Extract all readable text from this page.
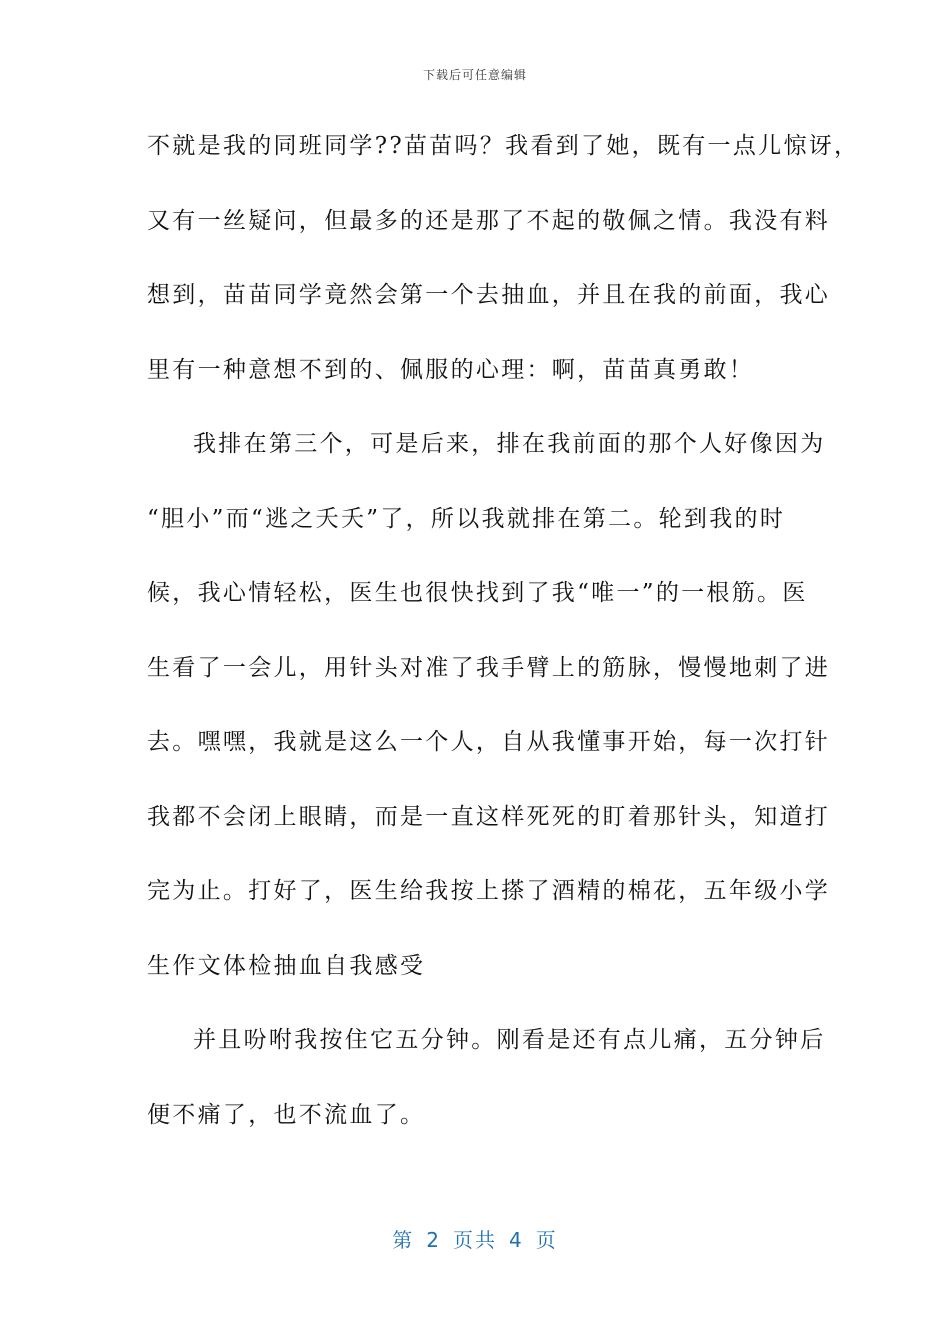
下载后可任意编辑
不就是我的同班同学??苗苗吗？我看到了她，既有一点儿惊讶，
又有一丝疑问，但最多的还是那了不起的敬佩之情。我没有料
想到，苗苗同学竟然会第一个去抽血，并且在我的前面，我心
里有一种意想不到的、佩服的心理：啊，苗苗真勇敢！
我排在第三个，可是后来，排在我前面的那个人好像因为
“胆小”而“逃之夭夭”了，所以我就排在第二。轮到我的时
候，我心情轻松，医生也很快找到了我“唯一”的一根筋。医
生看了一会儿，用针头对准了我手臂上的筋脉，慢慢地刺了进
去。嘿嘿，我就是这么一个人，自从我懂事开始，每一次打针
我都不会闭上眼睛，而是一直这样死死的盯着那针头，知道打
完为止。打好了，医生给我按上搽了酒精的棉花，五年级小学
生作文体检抽血自我感受
并且吩咐我按住它五分钟。刚看是还有点儿痛，五分钟后
便不痛了，也不流血了。
第 2 页共 4 页
